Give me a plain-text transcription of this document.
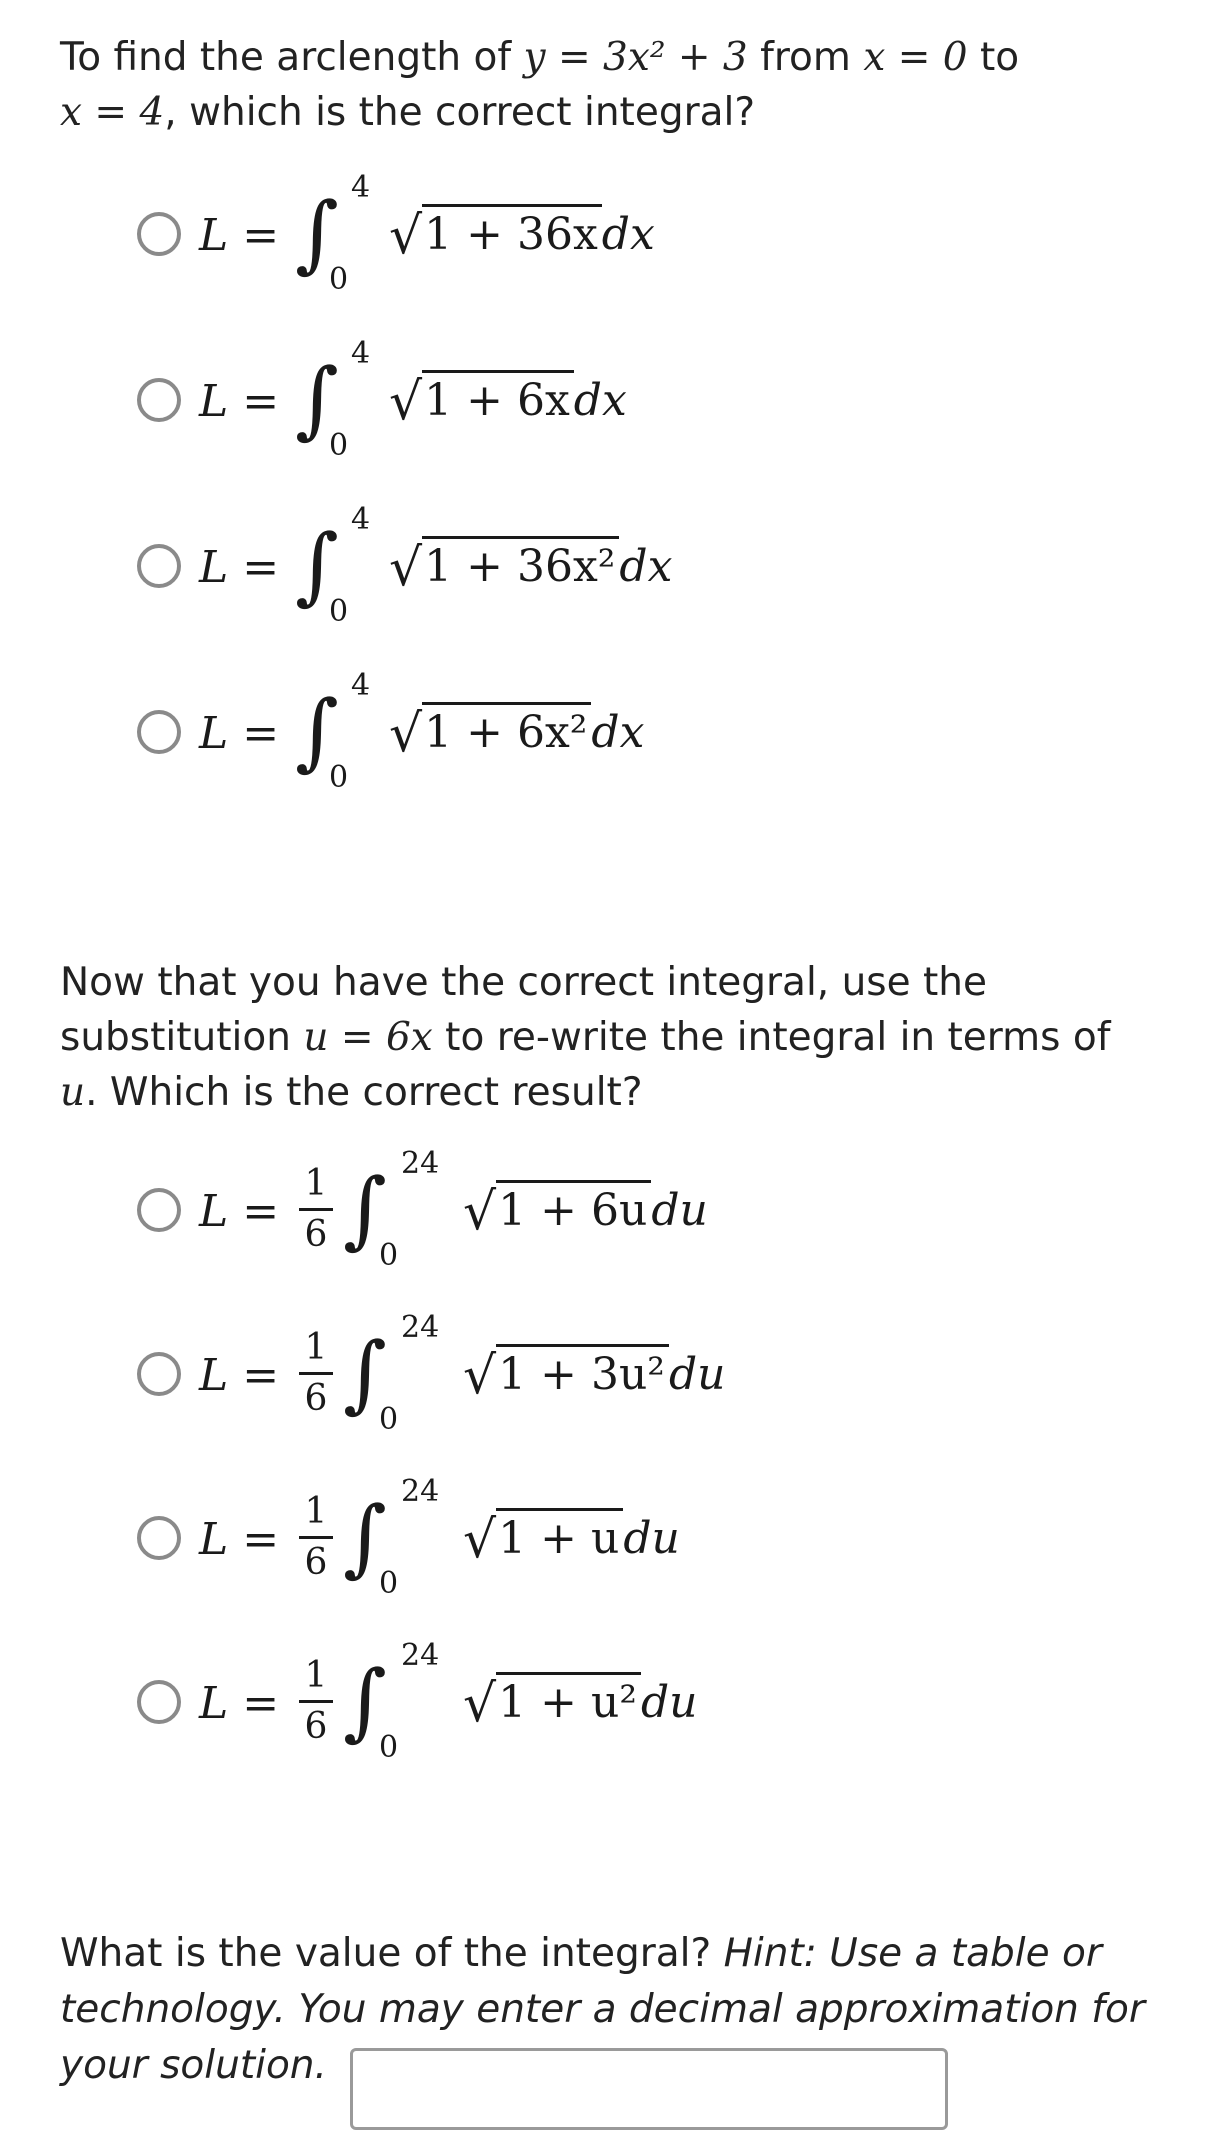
To find the arclength of y = 3x² + 3 from x = 0 to
x = 4, which is the correct integral?
L = ∫ 4
0
√1 + 36xdx
L = ∫ 4
0
√1 + 6xdx
L = ∫ 4
0
√1 + 36x²dx
L = ∫ 4
0
√1 + 6x²dx
Now that you have the correct integral, use the
substitution u = 6x to re-write the integral in terms of
u. Which is the correct result?
L =
1
6 ∫ 24
0
√1 + 6udu
L =
1
6 ∫ 24
0
√1 + 3u²du
L =
1
6 ∫ 24
0
√1 + udu
L =
1
6 ∫ 24
0
√1 + u²du
What is the value of the integral? Hint: Use a table or technology. You may enter a decimal approximation for your solution.
